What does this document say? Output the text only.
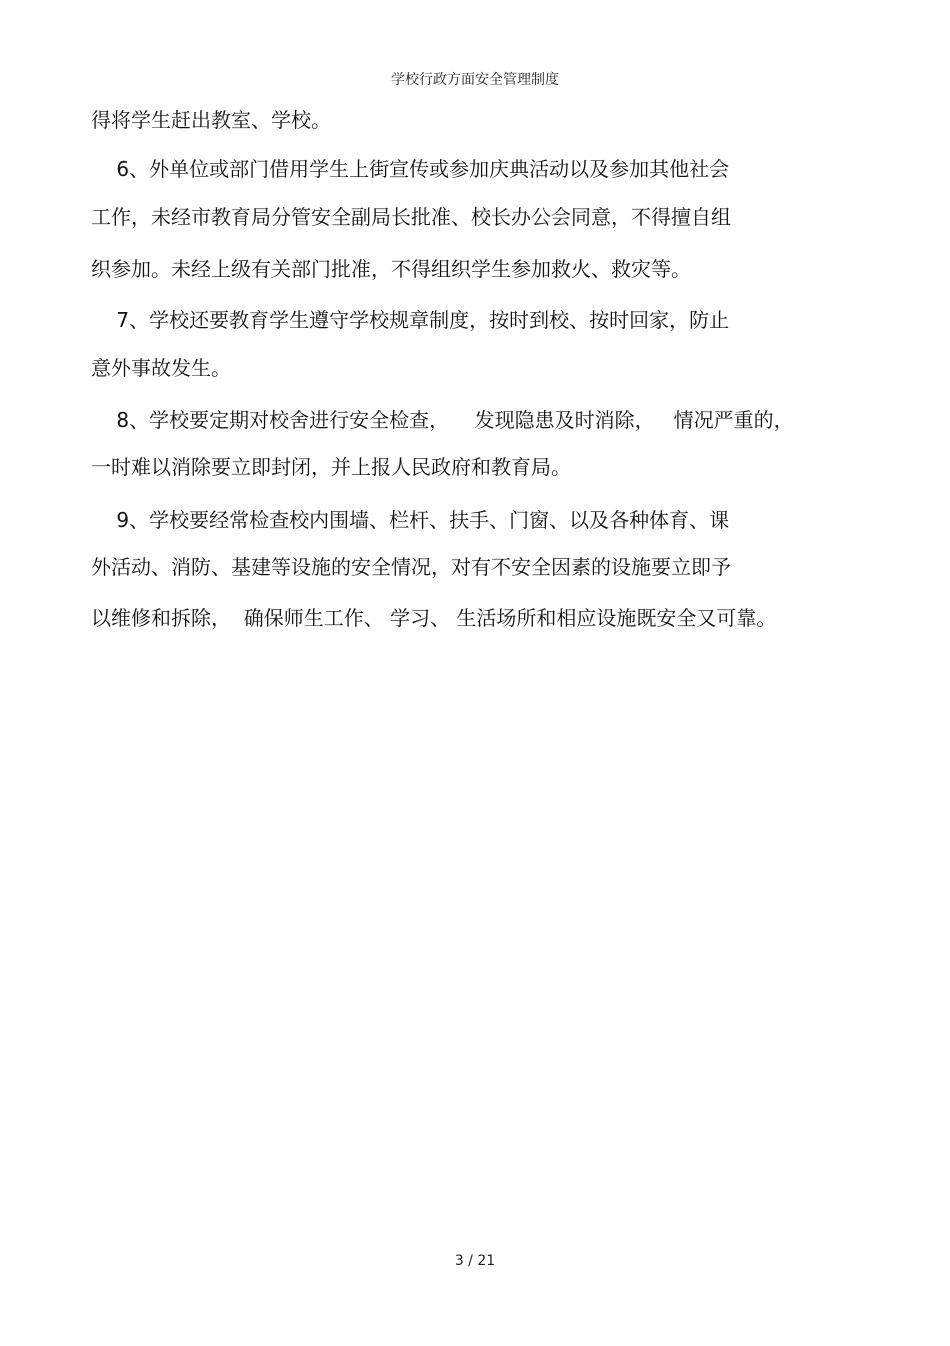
学校行政方面安全管理制度
得将学生赶出教室、学校。
6、外单位或部门借用学生上街宣传或参加庆典活动以及参加其他社会
工作，未经市教育局分管安全副局长批准、校长办公会同意，不得擅自组
织参加。未经上级有关部门批准，不得组织学生参加救火、救灾等。
7、学校还要教育学生遵守学校规章制度，按时到校、按时回家，防止
意外事故发生。
8、学校要定期对校舍进行安全检查，    发现隐患及时消除，   情况严重的，
一时难以消除要立即封闭，并上报人民政府和教育局。
9、学校要经常检查校内围墙、栏杆、扶手、门窗、以及各种体育、课
外活动、消防、基建等设施的安全情况，对有不安全因素的设施要立即予
以维修和拆除，  确保师生工作、 学习、 生活场所和相应设施既安全又可靠。
3 / 21
